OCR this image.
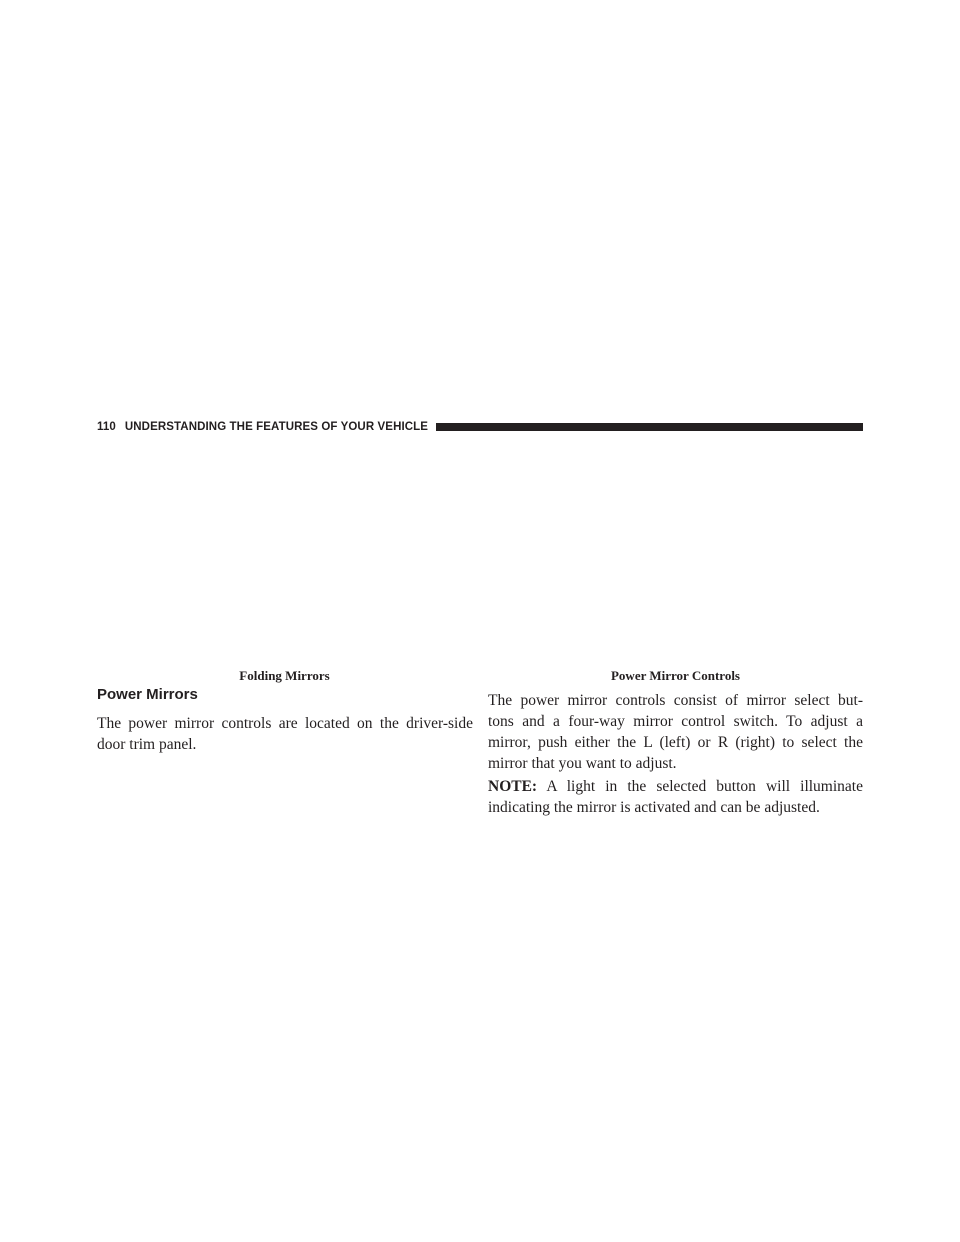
110 UNDERSTANDING THE FEATURES OF YOUR VEHICLE
Folding Mirrors	Power Mirror Controls
Power Mirrors

The power mirror controls are located on the driver-side
door trim panel.

The power mirror controls consist of mirror select but-
tons and a four-way mirror control switch. To adjust a
mirror, push either the L (left) or R (right) to select the
mirror that you want to adjust.

NOTE: A light in the selected button will illuminate
indicating the mirror is activated and can be adjusted.
